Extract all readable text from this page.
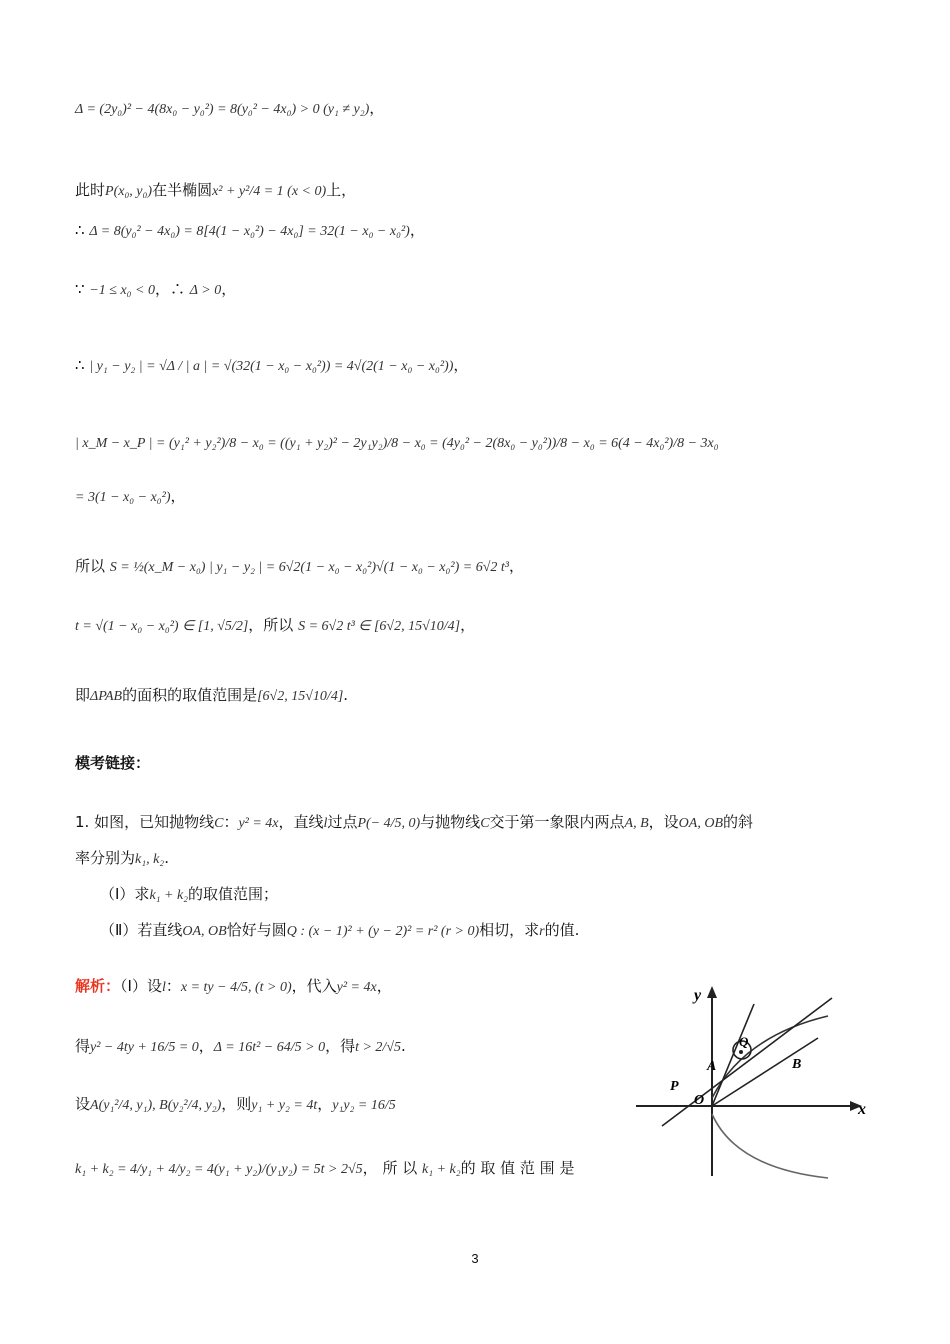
Δ = (2y₀)² − 4(8x₀ − y₀²) = 8(y₀² − 4x₀) > 0 (y₁ ≠ y₂)，
此时P(x₀, y₀)在半椭圆x² + y²/4 = 1 (x < 0)上，
∴ Δ = 8(y₀² − 4x₀) = 8[4(1 − x₀²) − 4x₀] = 32(1 − x₀ − x₀²)，
∵ −1 ≤ x₀ < 0，∴ Δ > 0，
∴ | y₁ − y₂ | = √Δ / | a | = √(32(1 − x₀ − x₀²)) = 4√(2(1 − x₀ − x₀²))，
| x_M − x_P | = (y₁² + y₂²)/8 − x₀ = ((y₁ + y₂)² − 2y₁y₂)/8 − x₀ = (4y₀² − 2(8x₀ − y₀²))/8 − x₀ = 6(4 − 4x₀²)/8 − 3x₀
= 3(1 − x₀ − x₀²)，
所以 S = ½(x_M − x₀) | y₁ − y₂ | = 6√2(1 − x₀ − x₀²)√(1 − x₀ − x₀²) = 6√2 t³，
t = √(1 − x₀ − x₀²) ∈ [1, √5/2]，所以 S = 6√2 t³ ∈ [6√2, 15√10/4]，
即ΔPAB的面积的取值范围是[6√2, 15√10/4].
模考链接：
1. 如图，已知抛物线C：y² = 4x，直线l过点P(− 4/5, 0)与抛物线C交于第一象限内两点A, B，设OA, OB的斜
率分别为k₁, k₂.
（Ⅰ）求k₁ + k₂的取值范围；
（Ⅱ）若直线OA, OB恰好与圆Q : (x − 1)² + (y − 2)² = r² (r > 0)相切，求r的值.
解析：（Ⅰ）设l：x = ty − 4/5, (t > 0)，代入y² = 4x，
得y² − 4ty + 16/5 = 0，Δ = 16t² − 64/5 > 0，得t > 2/√5.
设A(y₁²/4, y₁), B(y₂²/4, y₂)，则y₁ + y₂ = 4t，y₁y₂ = 16/5
k₁ + k₂ = 4/y₁ + 4/y₂ = 4(y₁ + y₂)/(y₁y₂) = 5t > 2√5， 所 以 k₁ + k₂的 取 值 范 围 是
y
x
O
P
A	B
Q
3
